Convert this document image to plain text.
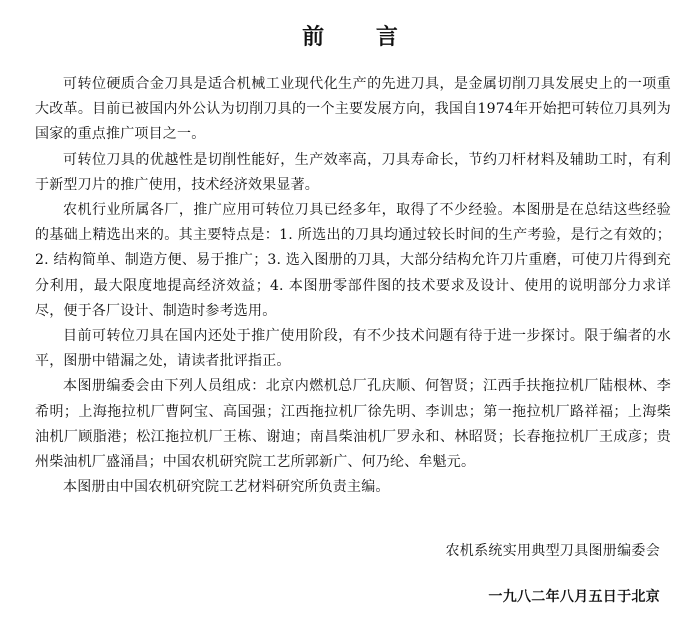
前 言

可转位硬质合金刀具是适合机械工业现代化生产的先进刀具，是金属切削刀具发展史上的一项重大改革。目前已被国内外公认为切削刀具的一个主要发展方向，我国自1974年开始把可转位刀具列为国家的重点推广项目之一。

可转位刀具的优越性是切削性能好，生产效率高，刀具寿命长，节约刀杆材料及辅助工时，有利于新型刀片的推广使用，技术经济效果显著。

农机行业所属各厂，推广应用可转位刀具已经多年，取得了不少经验。本图册是在总结这些经验的基础上精选出来的。其主要特点是：1. 所选出的刀具均通过较长时间的生产考验，是行之有效的；2. 结构简单、制造方便、易于推广；3. 选入图册的刀具，大部分结构允许刀片重磨，可使刀片得到充分利用，最大限度地提高经济效益；4. 本图册零部件图的技术要求及设计、使用的说明部分力求详尽，便于各厂设计、制造时参考选用。

目前可转位刀具在国内还处于推广使用阶段，有不少技术问题有待于进一步探讨。限于编者的水平，图册中错漏之处，请读者批评指正。

本图册编委会由下列人员组成：北京内燃机总厂孔庆顺、何智贤；江西手扶拖拉机厂陆根林、李希明；上海拖拉机厂曹阿宝、高国强；江西拖拉机厂徐先明、李训忠；第一拖拉机厂路祥福；上海柴油机厂顾脂港；松江拖拉机厂王栋、谢迪；南昌柴油机厂罗永和、林昭贤；长春拖拉机厂王成彦；贵州柴油机厂盛涌昌；中国农机研究院工艺所郭新广、何乃纶、牟魁元。

本图册由中国农机研究院工艺材料研究所负责主编。

农机系统实用典型刀具图册编委会
一九八二年八月五日于北京
